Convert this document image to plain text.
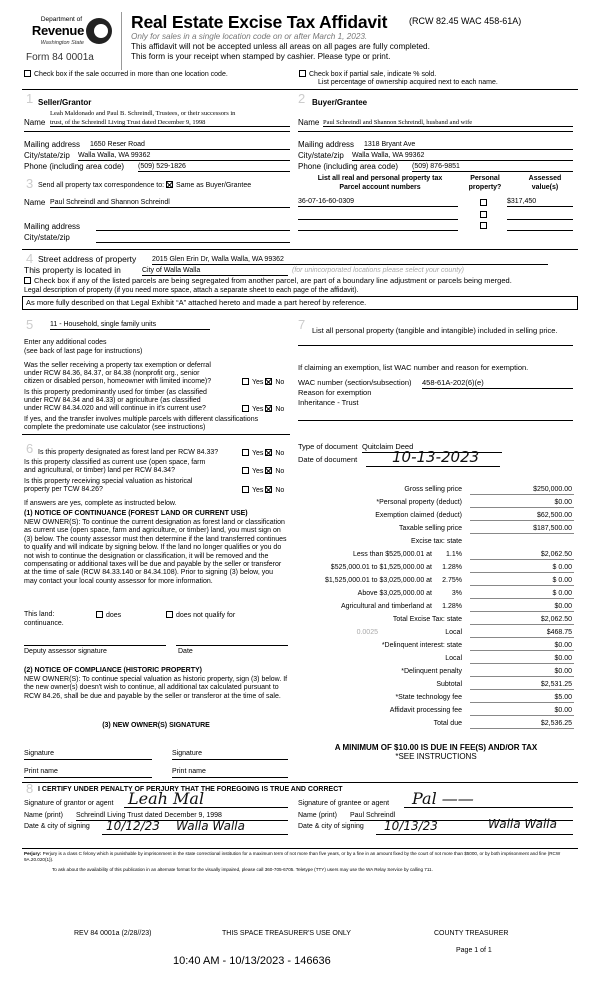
Department of
Revenue
Washington State
Form 84 0001a
Real Estate Excise Tax Affidavit (RCW 82.45 WAC 458-61A)
Only for sales in a single location code on or after March 1, 2023.
This affidavit will not be accepted unless all areas on all pages are fully completed.
This form is your receipt when stamped by cashier. Please type or print.
Check box if the sale occurred in more than one location code.	Check box if partial sale, indicate % sold.
List percentage of ownership acquired next to each name.
1 Seller/Grantor
Leah Maldonado and Paul B. Schreindl, Trustees, or their successors in
Name trust, of the Schreindl Living Trust dated December 9, 1998
Mailing address 1650 Reser Road
City/state/zip Walla Walla, WA 99362
Phone (including area code) (509) 529-1826
2 Buyer/Grantee
Name Paul Schreindl and Shannon Schreindl, husband and wife
Mailing address 1318 Bryant Ave
City/state/zip Walla Walla, WA 99362
Phone (including area code) (509) 876-9851
3 Send all property tax correspondence to: Same as Buyer/Grantee
Name Paul Schreindl and Shannon Schreindl
Mailing address
City/state/zip
List all real and personal property tax
Parcel account numbers
Personal
property?
Assessed
value(s)
36-07-16-60-0309	$317,450
4 Street address of property 2015 Glen Erin Dr, Walla Walla, WA 99362
This property is located in	City of Walla Walla	(for unincorporated locations please select your county)
Check box if any of the listed parcels are being segregated from another parcel, are part of a boundary line adjustment or parcels being merged.
Legal description of property (if you need more space, attach a separate sheet to each page of the affidavit).
As more fully described on that Legal Exhibit “A” attached hereto and made a part hereof by reference.
5 11 - Household, single family units
Enter any additional codes
(see back of last page for instructions)
Was the seller receiving a property tax exemption or deferral
under RCW 84.36, 84.37, or 84.38 (nonprofit org., senior
citizen or disabled person, homeowner with limited income)?	Yes No
Is this property predominantly used for timber (as classified
under RCW 84.34 and 84.33) or agriculture (as classified
under RCW 84.34.020 and will continue in it's current use?	Yes No
If yes, and the transfer involves multiple parcels with different classifications
complete the predominate use calculator (see instructions)
7 List all personal property (tangible and intangible) included in selling price.
If claiming an exemption, list WAC number and reason for exemption.
WAC number (section/subsection) 458-61A-202(6)(e)
Reason for exemption
Inheritance - Trust
Type of document Quitclaim Deed
Date of document	10-13-2023
6 Is this property designated as forest land per RCW 84.33?	Yes No
Is this property classified as current use (open space, farm
and agricultural, or timber) land per RCW 84.34?	Yes No
Is this property receiving special valuation as historical
property per TCW 84.26?	Yes No
If answers are yes, complete as instructed below.
(1) NOTICE OF CONTINUANCE (FOREST LAND OR CURRENT USE)
NEW OWNER(S): To continue the current designation as forest land or classification as current use (open space, farm and agriculture, or timber) land, you must sign on (3) below. The county assessor must then determine if the land transferred continues to qualify and will indicate by signing below. If the land no longer qualifies or you do not wish to continue the designation or classification, it will be removed and the compensating or additional taxes will be due and payable by the seller or transferor at the time of sale (RCW 84.33.140 or 84.34.108). Prior to signing (3) below, you may contact your local county assessor for more information.
This land:
continuance.
does	does not qualify for
Deputy assessor signature	Date
(2) NOTICE OF COMPLIANCE (HISTORIC PROPERTY)
NEW OWNER(S): To continue special valuation as historic property, sign (3) below. If the new owner(s) doesn't wish to continue, all additional tax calculated pursuant to RCW 84.26, shall be due and payable by the seller or transferor at the time of sale.
(3) NEW OWNER(S) SIGNATURE
Signature	Signature
Print name	Print name
Gross selling price	$250,000.00
*Personal property (deduct)	$0.00
Exemption claimed (deduct)	$62,500.00
Taxable selling price	$187,500.00
Excise tax: state
Less than $525,000.01 at 1.1%	$2,062.50
$525,000.01 to $1,525,000.00 at 1.28%	$ 0.00
$1,525,000.01 to $3,025,000.00 at 2.75%	$ 0.00
Above $3,025,000.00 at	3%	$ 0.00
Agricultural and timberland at 1.28%	$0.00
Total Excise Tax: state	$2,062.50
0.0025	Local	$468.75
*Delinquent interest: state	$0.00
Local	$0.00
*Delinquent penalty	$0.00
Subtotal	$2,531.25
*State technology fee	$5.00
Affidavit processing fee	$0.00
Total due	$2,536.25
A MINIMUM OF $10.00 IS DUE IN FEE(S) AND/OR TAX
*SEE INSTRUCTIONS
8 I CERTIFY UNDER PENALTY OF PERJURY THAT THE FOREGOING IS TRUE AND CORRECT
Signature of grantor or agent Leah Mal	Signature of grantee or agent Pal ——
Name (print) Schreindl Living Trust dated December 9, 1998	Name (print) Paul Schreindl
Date & city of signing 10/12/23 Walla Walla	Date & city of signing 10/13/23	Walla Walla
Perjury: Perjury is a class C felony which is punishable by imprisonment in the state correctional institution for a maximum term of not more than five years, or by a fine in an amount fixed by the court of not more than $5000, or by both imprisonment and fine (RCW 9A.20.020(1)).
To ask about the availability of this publication in an alternate format for the visually impaired, please call 360-705-6705. Teletype (TTY) users may use the WA Relay Service by calling 711.
REV 84 0001a (2/28//23)	THIS SPACE TREASURER'S USE ONLY	COUNTY TREASURER
Page 1 of 1
10:40 AM - 10/13/2023 - 146636
